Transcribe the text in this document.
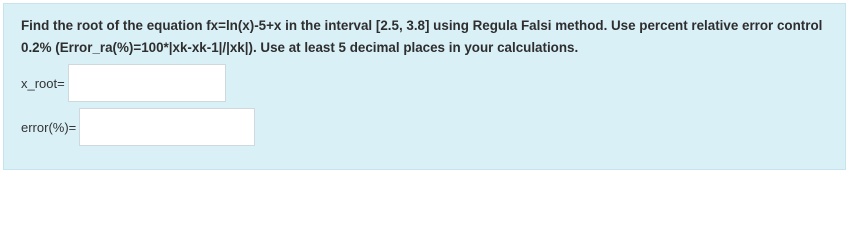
Find the root of the equation fx=ln(x)-5+x in the interval [2.5, 3.8] using Regula Falsi method. Use percent relative error control 0.2% (Error_ra(%)=100*|xk-xk-1|/|xk|). Use at least 5 decimal places in your calculations.

x_root=
error(%)=
